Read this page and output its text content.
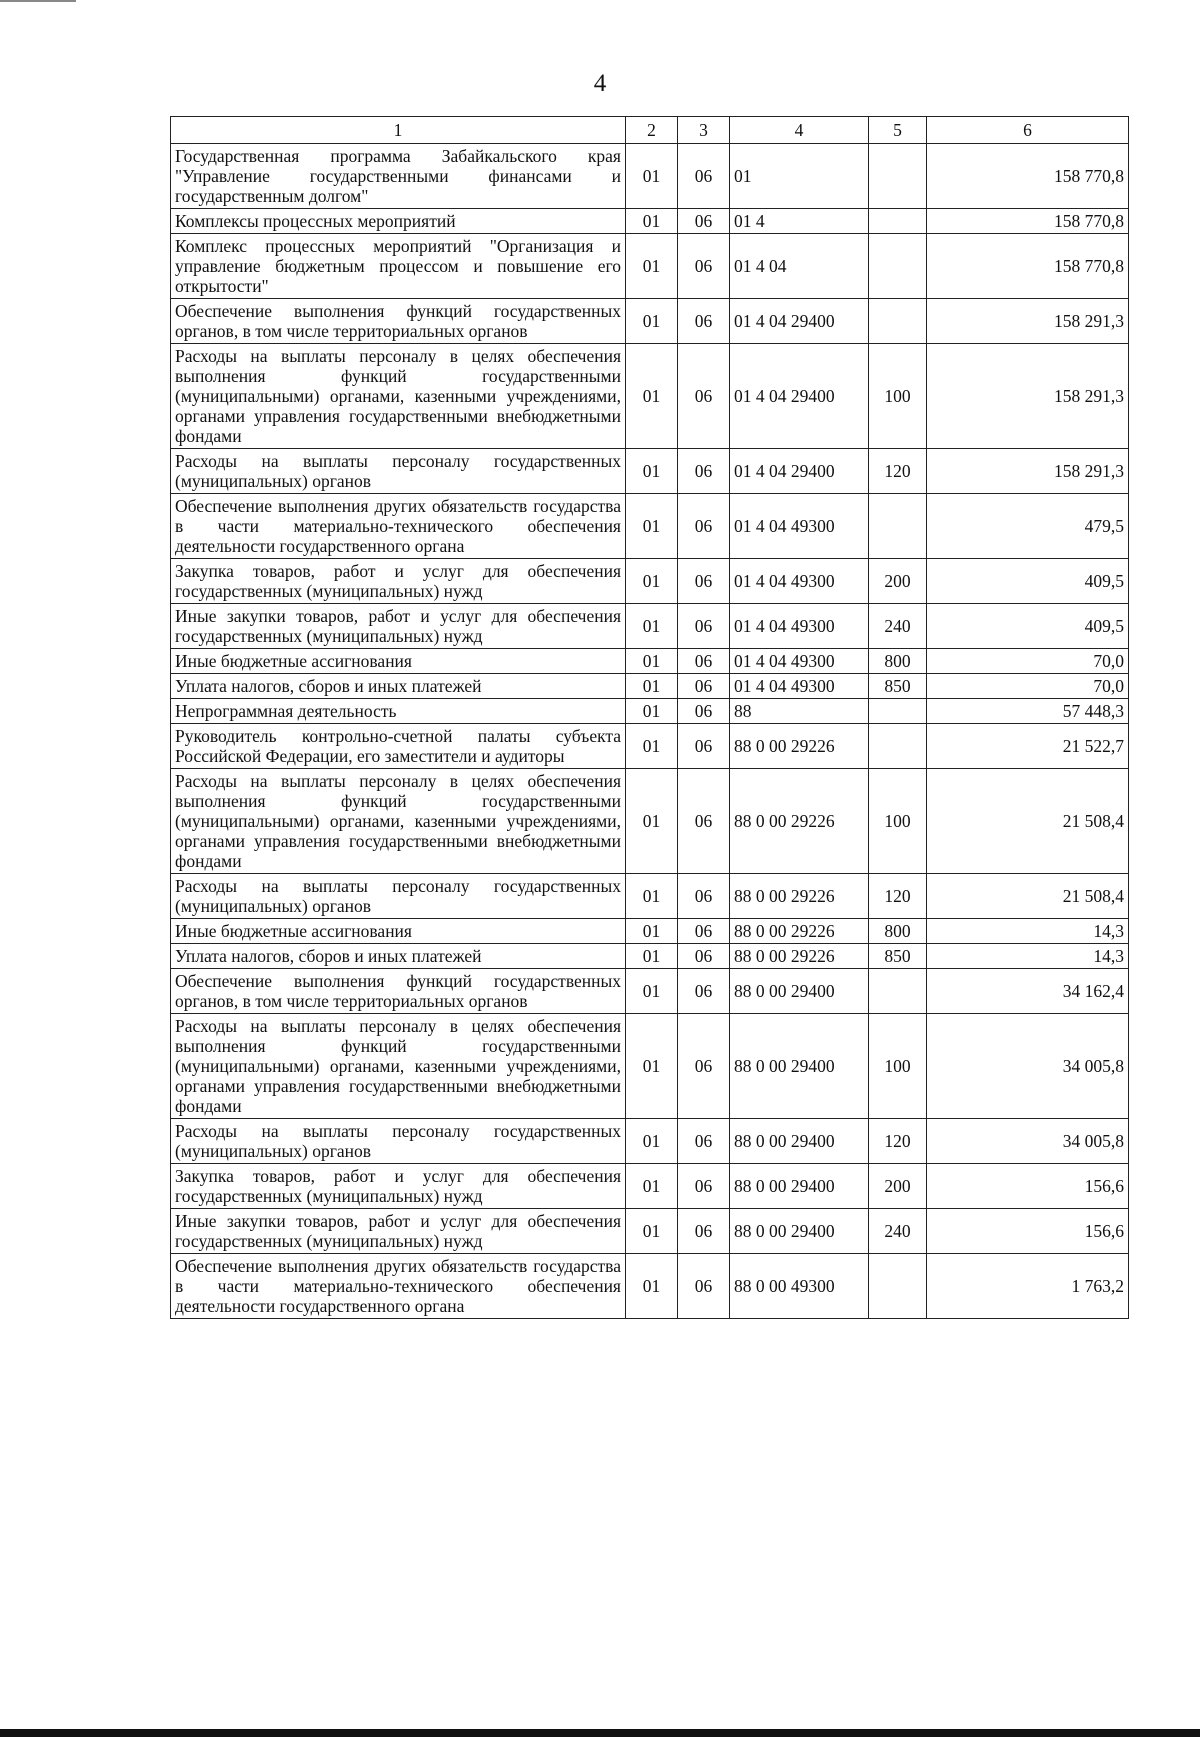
4
1	2	3	4	5	6
Государственная программа Забайкальского края "Управление государственными финансами и государственным долгом"	01	06	01		158 770,8
Комплексы процессных мероприятий	01	06	01 4		158 770,8
Комплекс процессных мероприятий "Организация и управление бюджетным процессом и повышение его открытости"	01	06	01 4 04		158 770,8
Обеспечение выполнения функций государственных органов, в том числе территориальных органов	01	06	01 4 04 29400		158 291,3
Расходы на выплаты персоналу в целях обеспечения выполнения функций государственными (муниципальными) органами, казенными учреждениями, органами управления государственными внебюджетными фондами	01	06	01 4 04 29400	100	158 291,3
Расходы на выплаты персоналу государственных (муниципальных) органов	01	06	01 4 04 29400	120	158 291,3
Обеспечение выполнения других обязательств государства в части материально-технического обеспечения деятельности государственного органа	01	06	01 4 04 49300		479,5
Закупка товаров, работ и услуг для обеспечения государственных (муниципальных) нужд	01	06	01 4 04 49300	200	409,5
Иные закупки товаров, работ и услуг для обеспечения государственных (муниципальных) нужд	01	06	01 4 04 49300	240	409,5
Иные бюджетные ассигнования	01	06	01 4 04 49300	800	70,0
Уплата налогов, сборов и иных платежей	01	06	01 4 04 49300	850	70,0
Непрограммная деятельность	01	06	88		57 448,3
Руководитель контрольно-счетной палаты субъекта Российской Федерации, его заместители и аудиторы	01	06	88 0 00 29226		21 522,7
Расходы на выплаты персоналу в целях обеспечения выполнения функций государственными (муниципальными) органами, казенными учреждениями, органами управления государственными внебюджетными фондами	01	06	88 0 00 29226	100	21 508,4
Расходы на выплаты персоналу государственных (муниципальных) органов	01	06	88 0 00 29226	120	21 508,4
Иные бюджетные ассигнования	01	06	88 0 00 29226	800	14,3
Уплата налогов, сборов и иных платежей	01	06	88 0 00 29226	850	14,3
Обеспечение выполнения функций государственных органов, в том числе территориальных органов	01	06	88 0 00 29400		34 162,4
Расходы на выплаты персоналу в целях обеспечения выполнения функций государственными (муниципальными) органами, казенными учреждениями, органами управления государственными внебюджетными фондами	01	06	88 0 00 29400	100	34 005,8
Расходы на выплаты персоналу государственных (муниципальных) органов	01	06	88 0 00 29400	120	34 005,8
Закупка товаров, работ и услуг для обеспечения государственных (муниципальных) нужд	01	06	88 0 00 29400	200	156,6
Иные закупки товаров, работ и услуг для обеспечения государственных (муниципальных) нужд	01	06	88 0 00 29400	240	156,6
Обеспечение выполнения других обязательств государства в части материально-технического обеспечения деятельности государственного органа	01	06	88 0 00 49300		1 763,2
